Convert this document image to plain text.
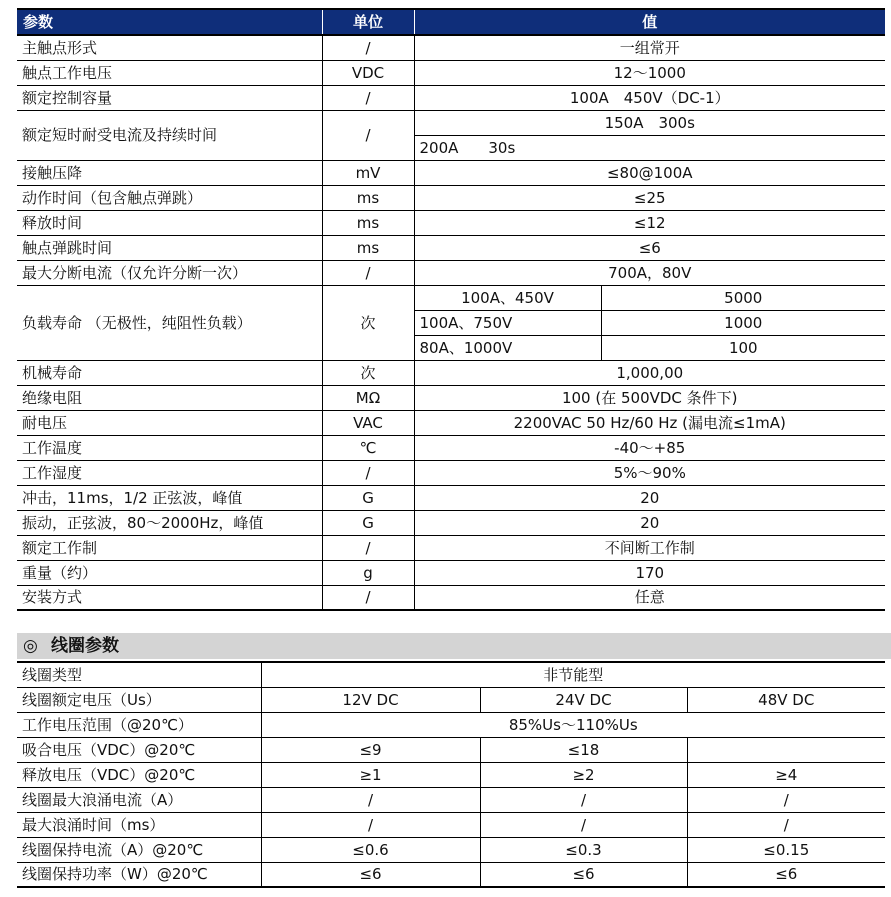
参数	单位	值	
主触点形式	/	一组常开	
触点工作电压	VDC	12～1000	
额定控制容量	/	100A　450V（DC-1）	
额定短时耐受电流及持续时间	/	150A　300s	
		200A　　30s	
接触压降	mV	≤80@100A	
动作时间（包含触点弹跳）	ms	≤25	
释放时间	ms	≤12	
触点弹跳时间	ms	≤6	
最大分断电流（仅允许分断一次）	/	700A，80V	
负载寿命 （无极性，纯阻性负载）	次	100A、450V	5000
		100A、750V	1000
		80A、1000V	100
机械寿命	次	1,000,00	
绝缘电阻	MΩ	100 (在 500VDC 条件下)	
耐电压	VAC	2200VAC 50 Hz/60 Hz (漏电流≤1mA)	
工作温度	℃	-40～+85	
工作湿度	/	5%～90%	
冲击，11ms，1/2 正弦波，峰值	G	20	
振动，正弦波，80～2000Hz，峰值	G	20	
额定工作制	/	不间断工作制	
重量（约）	g	170	
安装方式	/	任意	
◎ 线圈参数
线圈类型	非节能型		
线圈额定电压（Us）	12V DC	24V DC	48V DC
工作电压范围（@20℃）	85%Us～110%Us		
吸合电压（VDC）@20℃	≤9	≤18	
释放电压（VDC）@20℃	≥1	≥2	≥4
线圈最大浪涌电流（A）	/	/	/
最大浪涌时间（ms）	/	/	/
线圈保持电流（A）@20℃	≤0.6	≤0.3	≤0.15
线圈保持功率（W）@20℃	≤6	≤6	≤6
